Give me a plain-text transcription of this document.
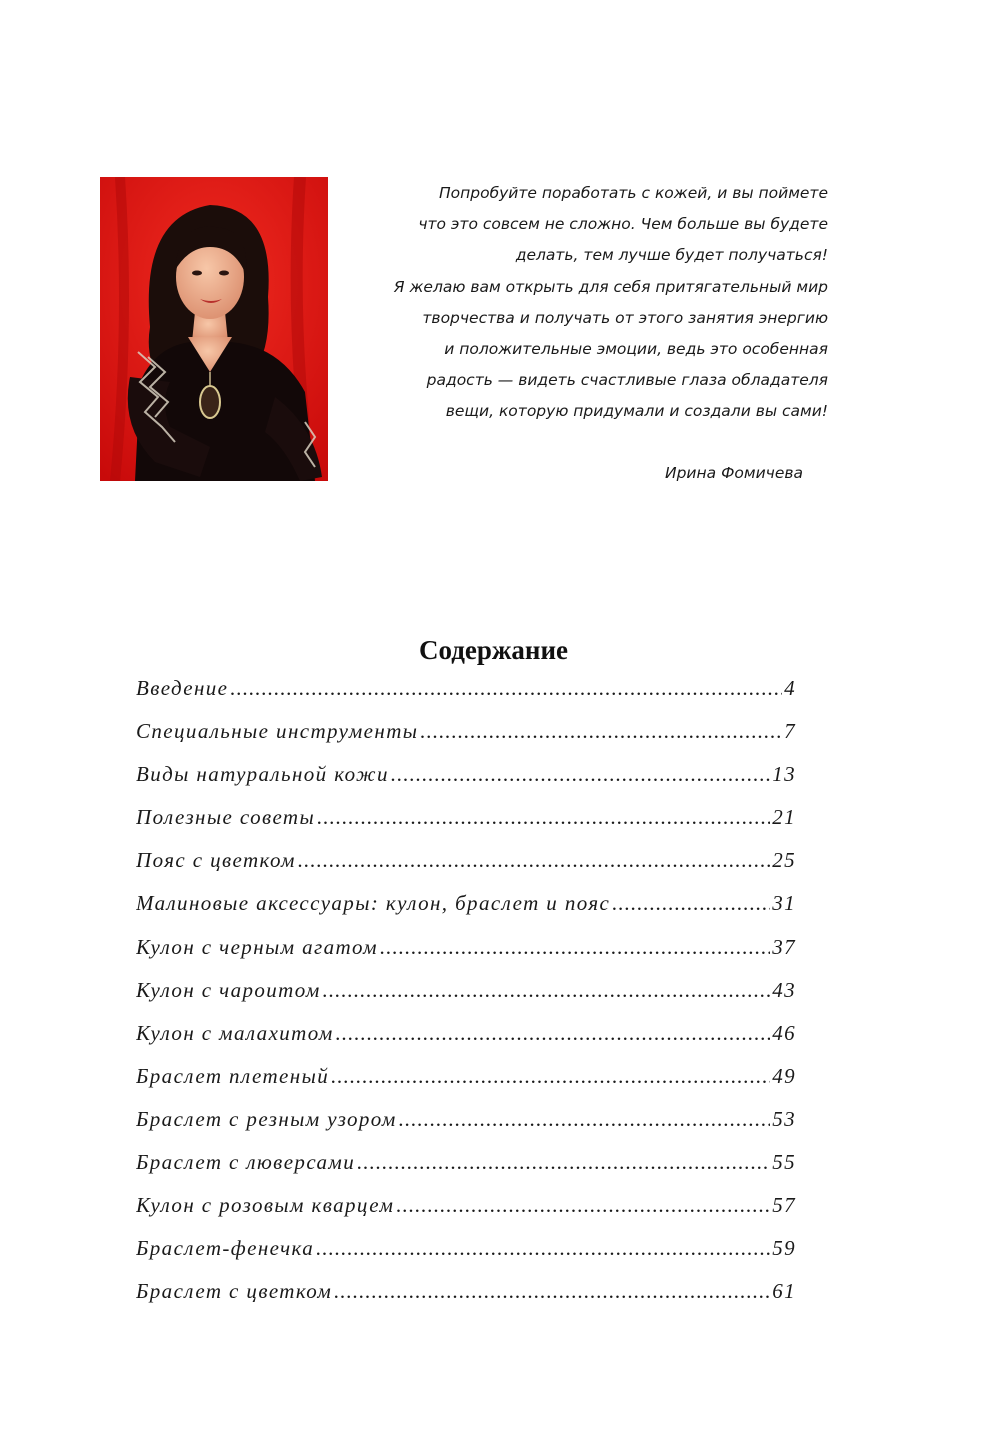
Попробуйте поработать с кожей, и вы поймете
что это совсем не сложно. Чем больше вы будете
делать, тем лучше будет получаться!
Я желаю вам открыть для себя притягательный мир
творчества и получать от этого занятия энергию
и положительные эмоции, ведь это особенная
радость — видеть счастливые глаза обладателя
вещи, которую придумали и создали вы сами!
Ирина Фомичева
Содержание
Введение .....	4
Специальные инструменты .....	7
Виды натуральной кожи .....	13
Полезные советы .....	21
Пояс с цветком .....	25
Малиновые аксессуары: кулон, браслет и пояс .....	31
Кулон с черным агатом .....	37
Кулон с чароитом .....	43
Кулон с малахитом .....	46
Браслет плетеный .....	49
Браслет с резным узором .....	53
Браслет с люверсами .....	55
Кулон с розовым кварцем .....	57
Браслет-фенечка .....	59
Браслет с цветком .....	61
